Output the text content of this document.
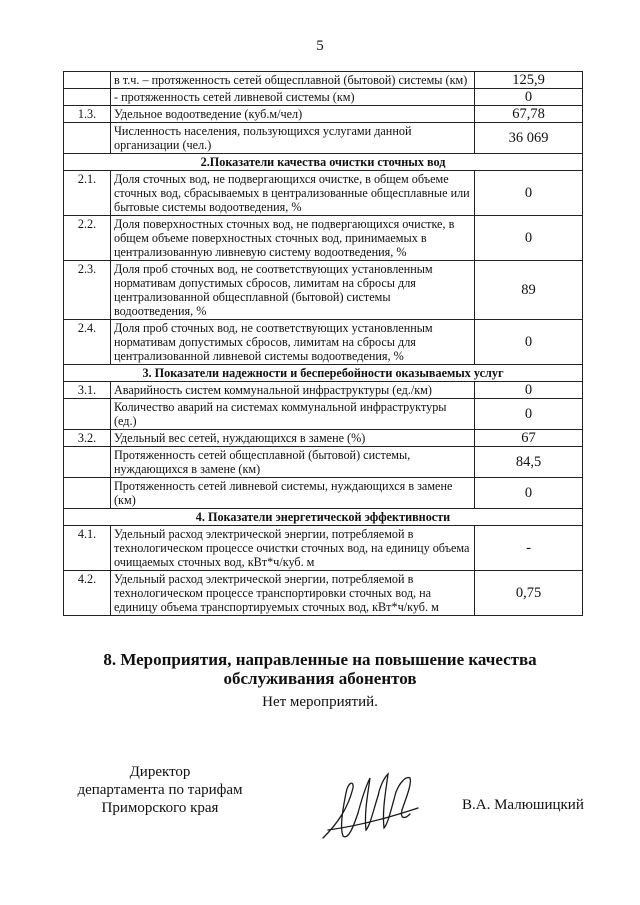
5
	в т.ч. – протяженность сетей общесплавной (бытовой) системы (км)	125,9
	- протяженность сетей ливневой системы (км)	0
1.3.	Удельное водоотведение (куб.м/чел)	67,78
	Численность населения, пользующихся услугами данной организации (чел.)	36 069
2.Показатели качества очистки сточных вод		
2.1.	Доля сточных вод, не подвергающихся очистке, в общем объеме сточных вод, сбрасываемых в централизованные общесплавные или бытовые системы водоотведения, %	0
2.2.	Доля поверхностных сточных вод, не подвергающихся очистке, в общем объеме поверхностных сточных вод, принимаемых в централизованную ливневую систему водоотведения, %	0
2.3.	Доля проб сточных вод, не соответствующих установленным нормативам допустимых сбросов, лимитам на сбросы для централизованной общесплавной (бытовой) системы водоотведения, %	89
2.4.	Доля проб сточных вод, не соответствующих установленным нормативам допустимых сбросов, лимитам на сбросы для централизованной ливневой системы водоотведения, %	0
3. Показатели надежности и бесперебойности оказываемых услуг		
3.1.	Аварийность систем коммунальной инфраструктуры (ед./км)	0
	Количество аварий на системах коммунальной инфраструктуры (ед.)	0
3.2.	Удельный вес сетей, нуждающихся в замене (%)	67
	Протяженность сетей общесплавной (бытовой) системы, нуждающихся в замене (км)	84,5
	Протяженность сетей ливневой системы, нуждающихся в замене (км)	0
4. Показатели энергетической эффективности		
4.1.	Удельный расход электрической энергии, потребляемой в технологическом процессе очистки сточных вод, на единицу объема очищаемых сточных вод, кВт*ч/куб. м	-
4.2.	Удельный расход электрической энергии, потребляемой в технологическом процессе транспортировки сточных вод, на единицу объема транспортируемых сточных вод, кВт*ч/куб. м	0,75
8. Мероприятия, направленные на повышение качества обслуживания абонентов
Нет мероприятий.
Директор
департамента по тарифам
Приморского края	В.А. Малюшицкий
